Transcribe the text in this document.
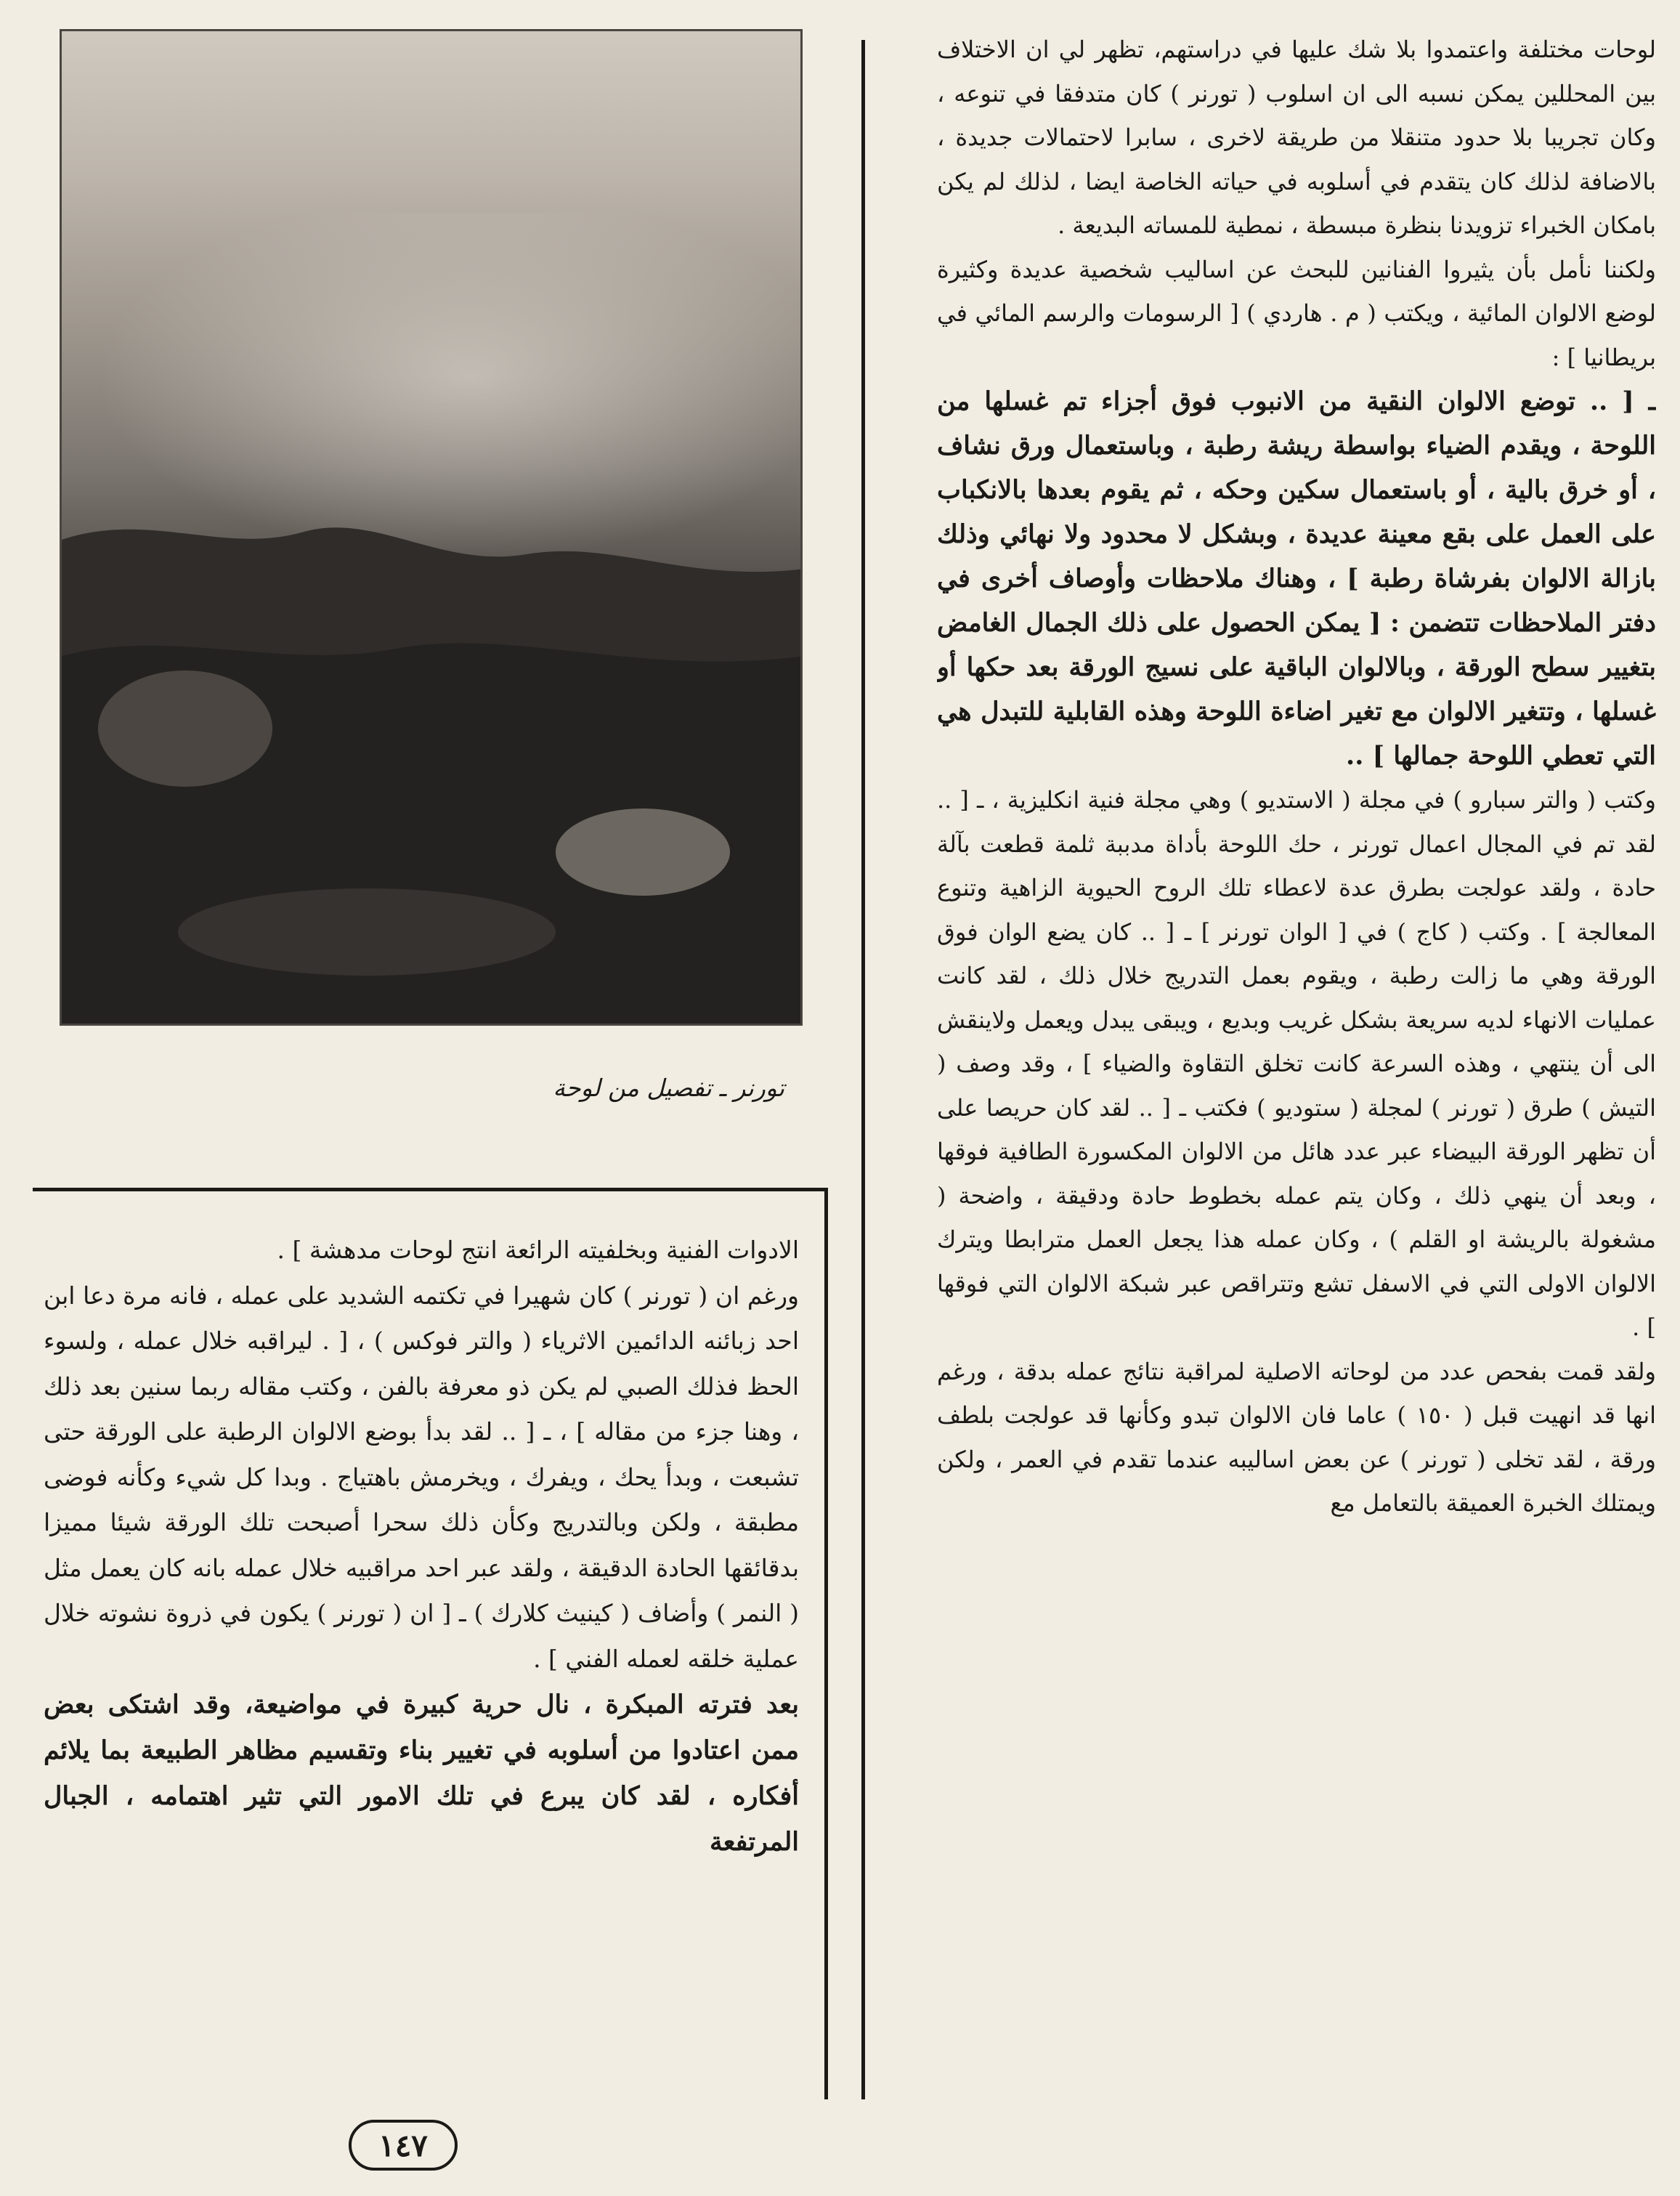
لوحات مختلفة واعتمدوا بلا شك عليها في دراستهم، تظهر لي ان الاختلاف بين المحللين يمكن نسبه الى ان اسلوب ( تورنر ) كان متدفقا في تنوعه ، وكان تجريبا بلا حدود متنقلا من طريقة لاخرى ، سابرا لاحتمالات جديدة ، بالاضافة لذلك كان يتقدم في أسلوبه في حياته الخاصة ايضا ، لذلك لم يكن بامكان الخبراء تزويدنا بنظرة مبسطة ، نمطية للمساته البديعة .

ولكننا نأمل بأن يثيروا الفنانين للبحث عن اساليب شخصية عديدة وكثيرة لوضع الالوان المائية ، ويكتب ( م . هاردي ) [ الرسومات والرسم المائي في بريطانيا ] :

ـ [ .. توضع الالوان النقية من الانبوب فوق أجزاء تم غسلها من اللوحة ، ويقدم الضياء بواسطة ريشة رطبة ، وباستعمال ورق نشاف ، أو خرق بالية ، أو باستعمال سكين وحكه ، ثم يقوم بعدها بالانكباب على العمل على بقع معينة عديدة ، وبشكل لا محدود ولا نهائي وذلك بازالة الالوان بفرشاة رطبة ] ، وهناك ملاحظات وأوصاف أخرى في دفتر الملاحظات تتضمن : [ يمكن الحصول على ذلك الجمال الغامض بتغيير سطح الورقة ، وبالالوان الباقية على نسيج الورقة بعد حكها أو غسلها ، وتتغير الالوان مع تغير اضاءة اللوحة وهذه القابلية للتبدل هي التي تعطي اللوحة جمالها ] ..

وكتب ( والتر سبارو ) في مجلة ( الاستديو ) وهي مجلة فنية انكليزية ، ـ [ .. لقد تم في المجال اعمال تورنر ، حك اللوحة بأداة مدببة ثلمة قطعت بآلة حادة ، ولقد عولجت بطرق عدة لاعطاء تلك الروح الحيوية الزاهية وتنوع المعالجة ] . وكتب ( كاج ) في [ الوان تورنر ] ـ [ .. كان يضع الوان فوق الورقة وهي ما زالت رطبة ، ويقوم بعمل التدريج خلال ذلك ، لقد كانت عمليات الانهاء لديه سريعة بشكل غريب وبديع ، ويبقى يبدل ويعمل ولاينقش الى أن ينتهي ، وهذه السرعة كانت تخلق التقاوة والضياء ] ، وقد وصف ( التيش ) طرق ( تورنر ) لمجلة ( ستوديو ) فكتب ـ [ .. لقد كان حريصا على أن تظهر الورقة البيضاء عبر عدد هائل من الالوان المكسورة الطافية فوقها ، وبعد أن ينهي ذلك ، وكان يتم عمله بخطوط حادة ودقيقة ، واضحة ( مشغولة بالريشة او القلم ) ، وكان عمله هذا يجعل العمل مترابطا ويترك الالوان الاولى التي في الاسفل تشع وتتراقص عبر شبكة الالوان التي فوقها ] .

ولقد قمت بفحص عدد من لوحاته الاصلية لمراقبة نتائج عمله بدقة ، ورغم انها قد انهيت قبل ( ١٥٠ ) عاما فان الالوان تبدو وكأنها قد عولجت بلطف ورقة ، لقد تخلى ( تورنر ) عن بعض اساليبه عندما تقدم في العمر ، ولكن ويمتلك الخبرة العميقة بالتعامل مع

تورنر ـ تفصيل من لوحة

الادوات الفنية وبخلفيته الرائعة انتج لوحات مدهشة ] .

ورغم ان ( تورنر ) كان شهيرا في تكتمه الشديد على عمله ، فانه مرة دعا ابن احد زبائنه الدائمين الاثرياء ( والتر فوكس ) ، [ . ليراقبه خلال عمله ، ولسوء الحظ فذلك الصبي لم يكن ذو معرفة بالفن ، وكتب مقاله ربما سنين بعد ذلك ، وهنا جزء من مقاله ] ، ـ [ .. لقد بدأ بوضع الالوان الرطبة على الورقة حتى تشبعت ، وبدأ يحك ، ويفرك ، ويخرمش باهتياج . وبدا كل شيء وكأنه فوضى مطبقة ، ولكن وبالتدريج وكأن ذلك سحرا أصبحت تلك الورقة شيئا مميزا بدقائقها الحادة الدقيقة ، ولقد عبر احد مراقبيه خلال عمله بانه كان يعمل مثل ( النمر ) وأضاف ( كينيث كلارك ) ـ [ ان ( تورنر ) يكون في ذروة نشوته خلال عملية خلقه لعمله الفني ] .

بعد فترته المبكرة ، نال حرية كبيرة في مواضيعة، وقد اشتكى بعض ممن اعتادوا من أسلوبه في تغيير بناء وتقسيم مظاهر الطبيعة بما يلائم أفكاره ، لقد كان يبرع في تلك الامور التي تثير اهتمامه ، الجبال المرتفعة

١٤٧
